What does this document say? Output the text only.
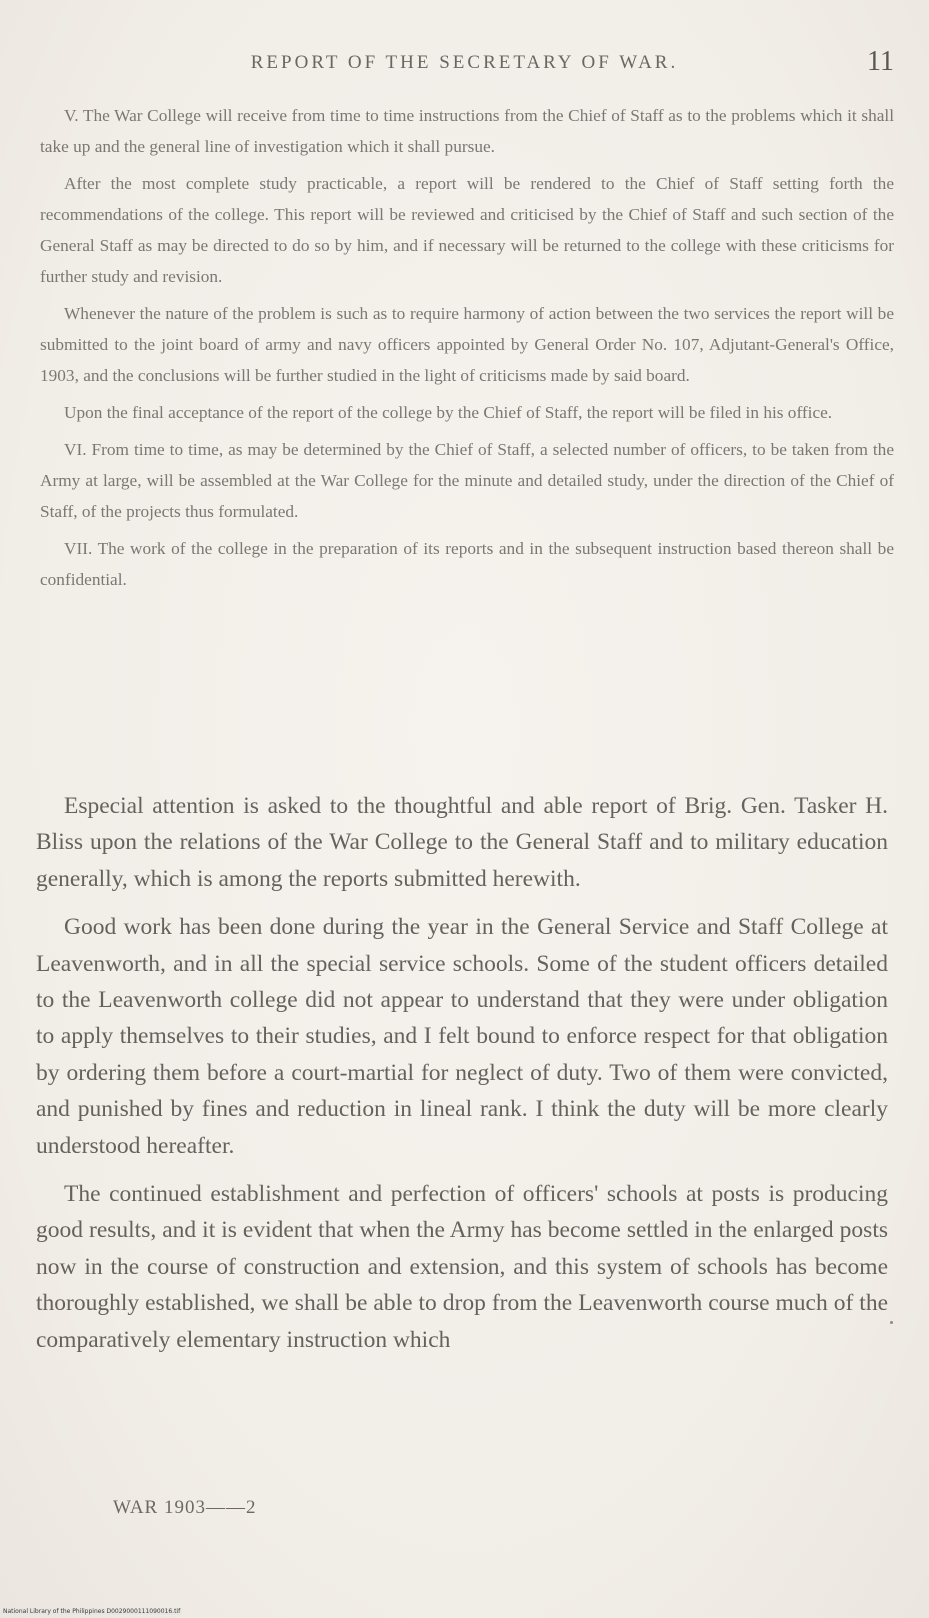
REPORT OF THE SECRETARY OF WAR.	11

V. The War College will receive from time to time instructions from the Chief of Staff as to the problems which it shall take up and the general line of investigation which it shall pursue.

After the most complete study practicable, a report will be rendered to the Chief of Staff setting forth the recommendations of the college. This report will be reviewed and criticised by the Chief of Staff and such section of the General Staff as may be directed to do so by him, and if necessary will be returned to the college with these criticisms for further study and revision.

Whenever the nature of the problem is such as to require harmony of action between the two services the report will be submitted to the joint board of army and navy officers appointed by General Order No. 107, Adjutant-General's Office, 1903, and the conclusions will be further studied in the light of criticisms made by said board.

Upon the final acceptance of the report of the college by the Chief of Staff, the report will be filed in his office.

VI. From time to time, as may be determined by the Chief of Staff, a selected number of officers, to be taken from the Army at large, will be assembled at the War College for the minute and detailed study, under the direction of the Chief of Staff, of the projects thus formulated.

VII. The work of the college in the preparation of its reports and in the subsequent instruction based thereon shall be confidential.

Especial attention is asked to the thoughtful and able report of Brig. Gen. Tasker H. Bliss upon the relations of the War College to the General Staff and to military education generally, which is among the reports submitted herewith.

Good work has been done during the year in the General Service and Staff College at Leavenworth, and in all the special service schools. Some of the student officers detailed to the Leavenworth college did not appear to understand that they were under obligation to apply themselves to their studies, and I felt bound to enforce respect for that obligation by ordering them before a court-martial for neglect of duty. Two of them were convicted, and punished by fines and reduction in lineal rank. I think the duty will be more clearly understood hereafter.

The continued establishment and perfection of officers' schools at posts is producing good results, and it is evident that when the Army has become settled in the enlarged posts now in the course of construction and extension, and this system of schools has become thoroughly established, we shall be able to drop from the Leavenworth course much of the comparatively elementary instruction which

WAR 1903——2
National Library of the Philippines D0029000111090016.tif
